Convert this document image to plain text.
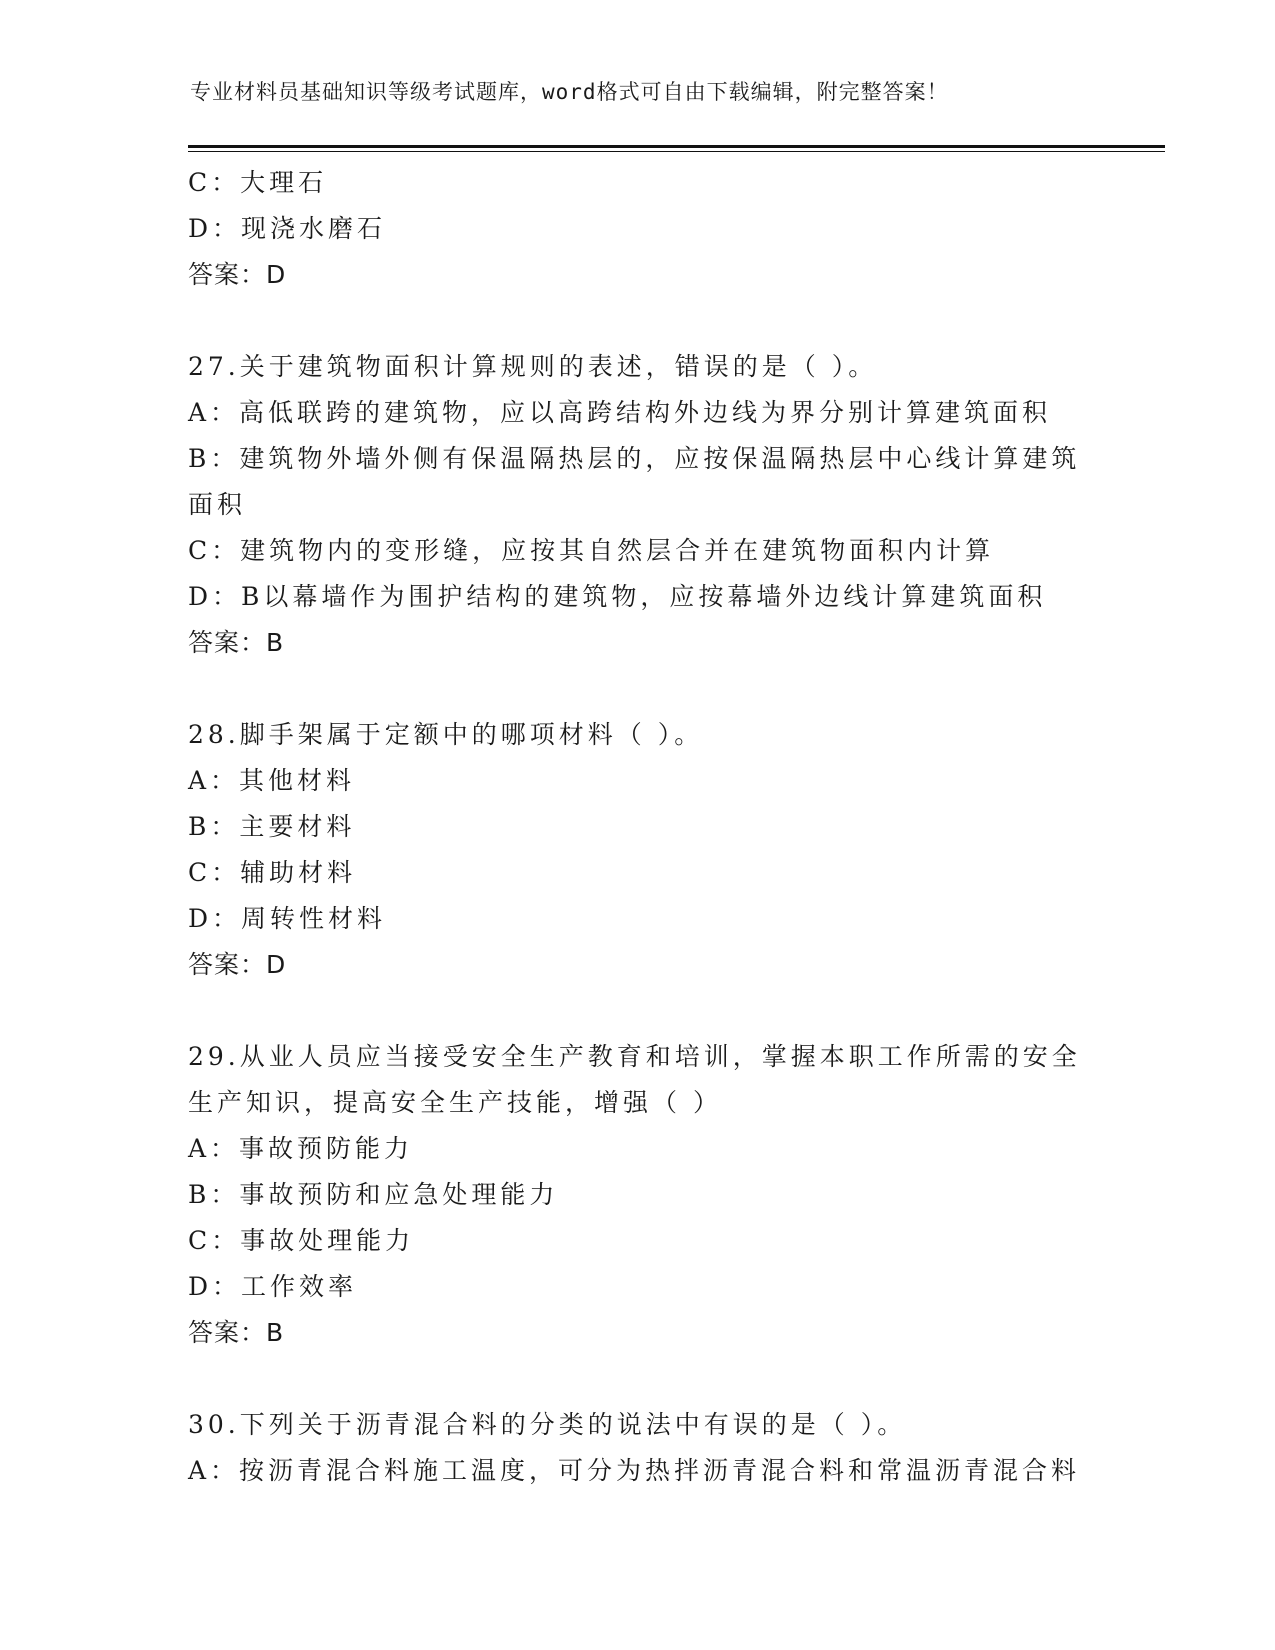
专业材料员基础知识等级考试题库，word格式可自由下载编辑，附完整答案！
C：大理石
D：现浇水磨石
答案：D
27.关于建筑物面积计算规则的表述，错误的是（ ）。
A：高低联跨的建筑物，应以高跨结构外边线为界分别计算建筑面积
B：建筑物外墙外侧有保温隔热层的，应按保温隔热层中心线计算建筑
面积
C：建筑物内的变形缝，应按其自然层合并在建筑物面积内计算
D：B以幕墙作为围护结构的建筑物，应按幕墙外边线计算建筑面积
答案：B
28.脚手架属于定额中的哪项材料（ ）。
A：其他材料
B：主要材料
C：辅助材料
D：周转性材料
答案：D
29.从业人员应当接受安全生产教育和培训，掌握本职工作所需的安全
生产知识，提高安全生产技能，增强（ ）
A：事故预防能力
B：事故预防和应急处理能力
C：事故处理能力
D：工作效率
答案：B
30.下列关于沥青混合料的分类的说法中有误的是（ ）。
A：按沥青混合料施工温度，可分为热拌沥青混合料和常温沥青混合料
